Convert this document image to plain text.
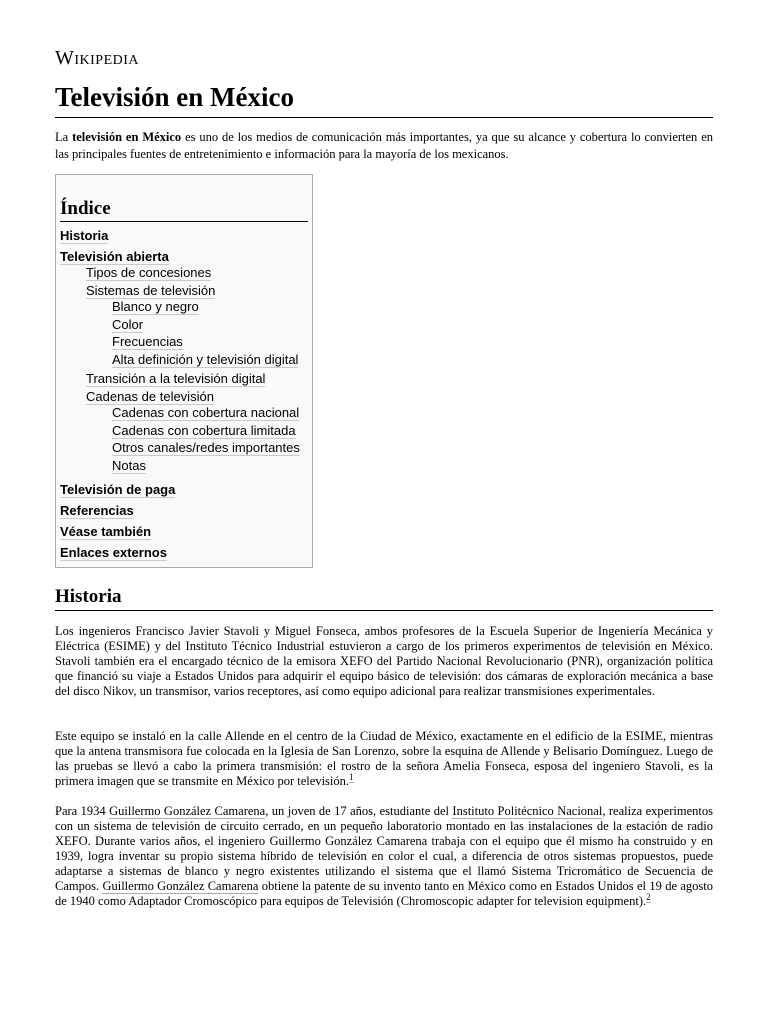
Wikipedia
Televisión en México

La televisión en México es uno de los medios de comunicación más importantes, ya que su alcance y cobertura lo convierten en las principales fuentes de entretenimiento e información para la mayoría de los mexicanos.

Índice
Historia
Televisión abierta
Tipos de concesiones
Sistemas de televisión
Blanco y negro
Color
Frecuencias
Alta definición y televisión digital
Transición a la televisión digital
Cadenas de televisión
Cadenas con cobertura nacional
Cadenas con cobertura limitada
Otros canales/redes importantes
Notas
Televisión de paga
Referencias
Véase también
Enlaces externos
Historia

Los ingenieros Francisco Javier Stavoli y Miguel Fonseca, ambos profesores de la Escuela Superior de Ingeniería Mecánica y Eléctrica (ESIME) y del Instituto Técnico Industrial estuvieron a cargo de los primeros experimentos de televisión en México. Stavoli también era el encargado técnico de la emisora XEFO del Partido Nacional Revolucionario (PNR), organización política que financió su viaje a Estados Unidos para adquirir el equipo básico de televisión: dos cámaras de exploración mecánica a base del disco Nikov, un transmisor, varios receptores, así como equipo adicional para realizar transmisiones experimentales.

Este equipo se instaló en la calle Allende en el centro de la Ciudad de México, exactamente en el edificio de la ESIME, mientras que la antena transmisora fue colocada en la Iglesia de San Lorenzo, sobre la esquina de Allende y Belisario Domínguez. Luego de las pruebas se llevó a cabo la primera transmisión: el rostro de la señora Amelia Fonseca, esposa del ingeniero Stavoli, es la primera imagen que se transmite en México por televisión.$^1$

Para 1934 Guillermo González Camarena, un joven de 17 años, estudiante del Instituto Politécnico Nacional, realiza experimentos con un sistema de televisión de circuito cerrado, en un pequeño laboratorio montado en las instalaciones de la estación de radio XEFO. Durante varios años, el ingeniero Guillermo González Camarena trabaja con el equipo que él mismo ha construido y en 1939, logra inventar su propio sistema híbrido de televisión en color el cual, a diferencia de otros sistemas propuestos, puede adaptarse a sistemas de blanco y negro existentes utilizando el sistema que el llamó Sistema Tricromático de Secuencia de Campos. Guillermo González Camarena obtiene la patente de su invento tanto en México como en Estados Unidos el 19 de agosto de 1940 como Adaptador Cromoscópico para equipos de Televisión (Chromoscopic adapter for television equipment).$^2$
